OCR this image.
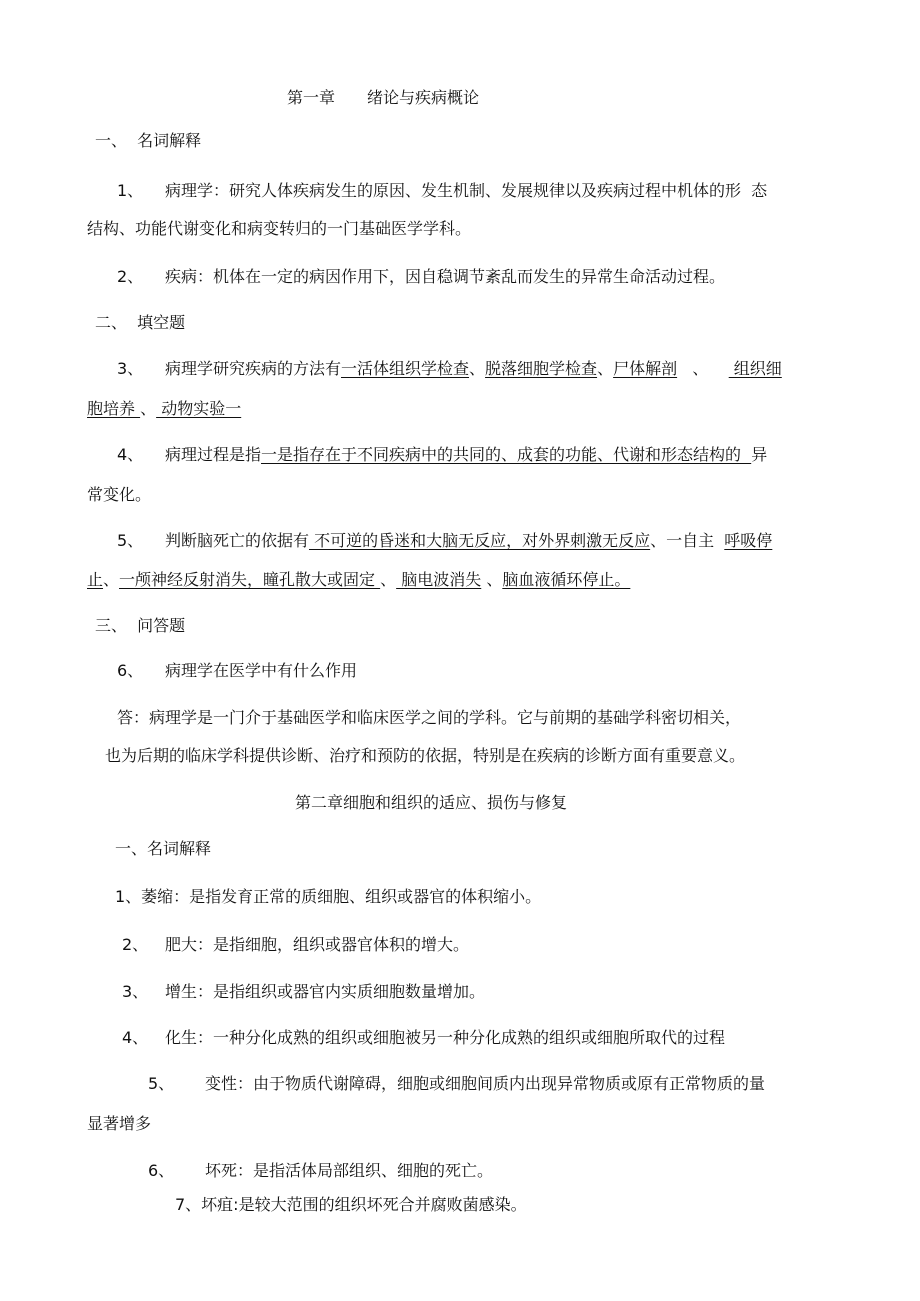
第一章　　绪论与疾病概论
一、  名词解释
1、 病理学：研究人体疾病发生的原因、发生机制、发展规律以及疾病过程中机体的形  态
结构、功能代谢变化和病变转归的一门基础医学学科。
2、 疾病：机体在一定的病因作用下，因自稳调节紊乱而发生的异常生命活动过程。
二、  填空题
3、 病理学研究疾病的方法有一活体组织学检查、脱落细胞学检查、尸体解剖   、     组织细
胞培养 、 动物实验一
4、 病理过程是指一是指存在于不同疾病中的共同的、成套的功能、代谢和形态结构的  异
常变化。
5、 判断脑死亡的依据有 不可逆的昏迷和大脑无反应，对外界刺激无反应、一自主  呼吸停
止、一颅神经反射消失，瞳孔散大或固定 、 脑电波消失 、脑血液循环停止。
三、  问答题
6、 病理学在医学中有什么作用
答：病理学是一门介于基础医学和临床医学之间的学科。它与前期的基础学科密切相关，
也为后期的临床学科提供诊断、治疗和预防的依据，特别是在疾病的诊断方面有重要意义。
第二章细胞和组织的适应、损伤与修复
一、名词解释
1、萎缩：是指发育正常的质细胞、组织或器官的体积缩小。
2、 肥大：是指细胞，组织或器官体积的增大。
3、 增生：是指组织或器官内实质细胞数量增加。
4、 化生：一种分化成熟的组织或细胞被另一种分化成熟的组织或细胞所取代的过程
5、 变性：由于物质代谢障碍，细胞或细胞间质内出现异常物质或原有正常物质的量
显著增多
6、 坏死：是指活体局部组织、细胞的死亡。
7、坏疽:是较大范围的组织坏死合并腐败菌感染。
